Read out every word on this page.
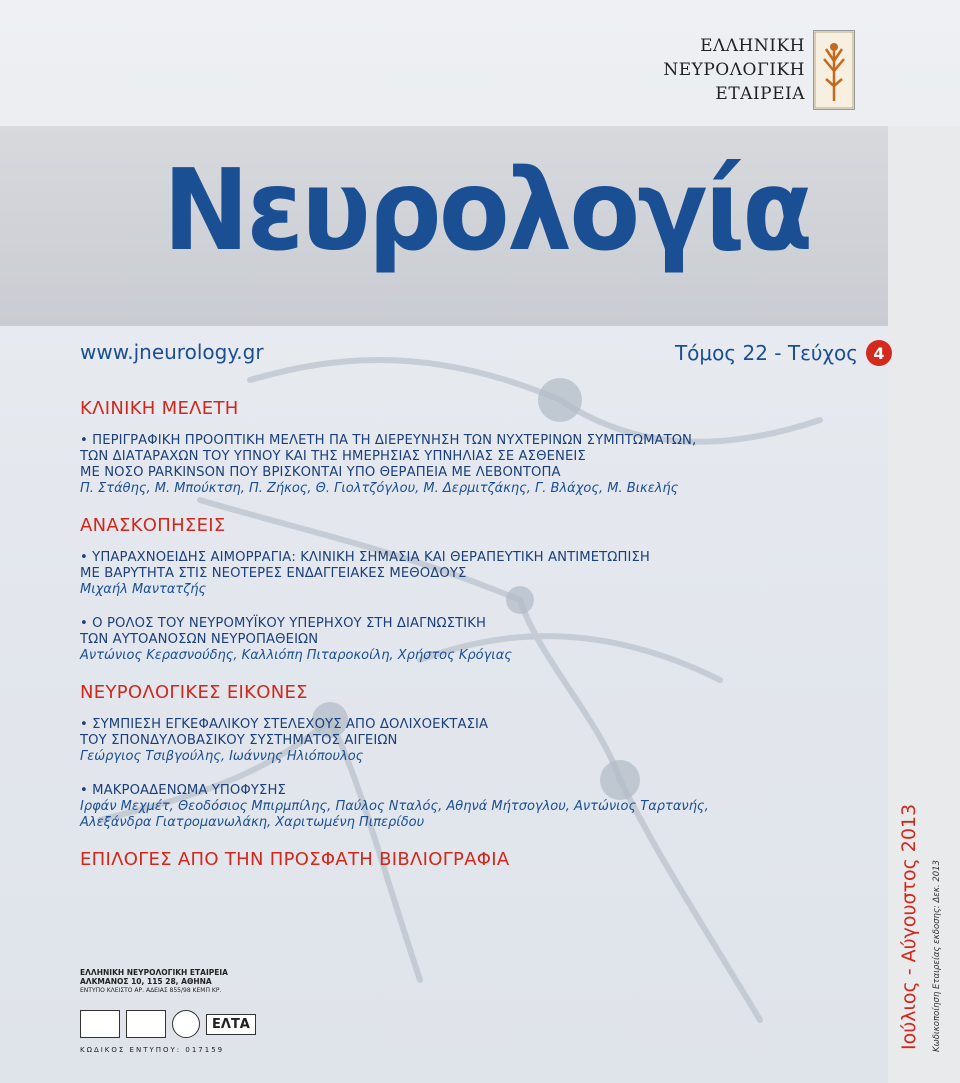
ΕΛΛΗΝΙΚΗ
ΝΕΥΡΟΛΟΓΙΚΗ
ΕΤΑΙΡΕΙΑ
Νευρολογία
www.jneurology.gr	Τόμος 22 - Τεύχος 4
ΚΛΙΝΙΚΗ ΜΕΛΕΤΗ
• ΠΕΡΙΓΡΑΦΙΚΗ ΠΡΟΟΠΤΙΚΗ ΜΕΛΕΤΗ ΠΑ ΤΗ ΔΙΕΡΕΥΝΗΣΗ ΤΩΝ ΝΥΧΤΕΡΙΝΩΝ ΣΥΜΠΤΩΜΑΤΩΝ,
ΤΩΝ ΔΙΑΤΑΡΑΧΩΝ ΤΟΥ ΥΠΝΟΥ ΚΑΙ ΤΗΣ ΗΜΕΡΗΣΙΑΣ ΥΠΝΗΛΙΑΣ ΣΕ ΑΣΘΕΝΕΙΣ
ΜΕ ΝΟΣΟ PARKINSON ΠΟΥ ΒΡΙΣΚΟΝΤΑΙ ΥΠΟ ΘΕΡΑΠΕΙΑ ΜΕ ΛΕΒΟΝΤΟΠΑ
Π. Στάθης, Μ. Μπούκτση, Π. Ζήκος, Θ. Γιολτζόγλου, Μ. Δερμιτζάκης, Γ. Βλάχος, Μ. Βικελής
ΑΝΑΣΚΟΠΗΣΕΙΣ
• ΥΠΑΡΑΧΝΟΕΙΔΗΣ ΑΙΜΟΡΡΑΓΙΑ: ΚΛΙΝΙΚΗ ΣΗΜΑΣΙΑ ΚΑΙ ΘΕΡΑΠΕΥΤΙΚΗ ΑΝΤΙΜΕΤΩΠΙΣΗ
ΜΕ ΒΑΡΥΤΗΤΑ ΣΤΙΣ ΝΕΟΤΕΡΕΣ ΕΝΔΑΓΓΕΙΑΚΕΣ ΜΕΘΟΔΟΥΣ
Μιχαήλ Μαντατζής
• Ο ΡΟΛΟΣ ΤΟΥ ΝΕΥΡΟΜΥΪΚΟΥ ΥΠΕΡΗΧΟΥ ΣΤΗ ΔΙΑΓΝΩΣΤΙΚΗ
ΤΩΝ ΑΥΤΟΑΝΟΣΩΝ ΝΕΥΡΟΠΑΘΕΙΩΝ
Αντώνιος Κερασνούδης, Καλλιόπη Πιταροκοίλη, Χρήστος Κρόγιας
ΝΕΥΡΟΛΟΓΙΚΕΣ ΕΙΚΟΝΕΣ
• ΣΥΜΠΙΕΣΗ ΕΓΚΕΦΑΛΙΚΟΥ ΣΤΕΛΕΧΟΥΣ ΑΠΟ ΔΟΛΙΧΟΕΚΤΑΣΙΑ
ΤΟΥ ΣΠΟΝΔΥΛΟΒΑΣΙΚΟΥ ΣΥΣΤΗΜΑΤΟΣ ΑΙΓΕΙΩΝ
Γεώργιος Τσιβγούλης, Ιωάννης Ηλιόπουλος
• ΜΑΚΡΟΑΔΕΝΩΜΑ ΥΠΟΦΥΣΗΣ
Ιρφάν Μεχμέτ, Θεοδόσιος Μπιρμπίλης, Παύλος Νταλός, Αθηνά Μήτσογλου, Αντώνιος Ταρτανής,
Αλεξάνδρα Γιατρομανωλάκη, Χαριτωμένη Πιπερίδου
ΕΠΙΛΟΓΕΣ ΑΠΟ ΤΗΝ ΠΡΟΣΦΑΤΗ ΒΙΒΛΙΟΓΡΑΦΙΑ	Ιούλιος - Αύγουστος 2013 Κωδικοποίηση Εταιρείας εκδοσης: Δεκ. 2013
ΕΛΛΗΝΙΚΗ ΝΕΥΡΟΛΟΓΙΚΗ ΕΤΑΙΡΕΙΑ
ΑΛΚΜΑΝΟΣ 10, 115 28, ΑΘΗΝΑ
ΕΝΤΥΠΟ ΚΛΕΙΣΤΟ ΑΡ. ΑΔΕΙΑΣ 855/98 ΚΕΜΠ ΚΡ.
ΕΛΤΑ
ΚΩΔΙΚΟΣ ΕΝΤΥΠΟΥ: 017159
